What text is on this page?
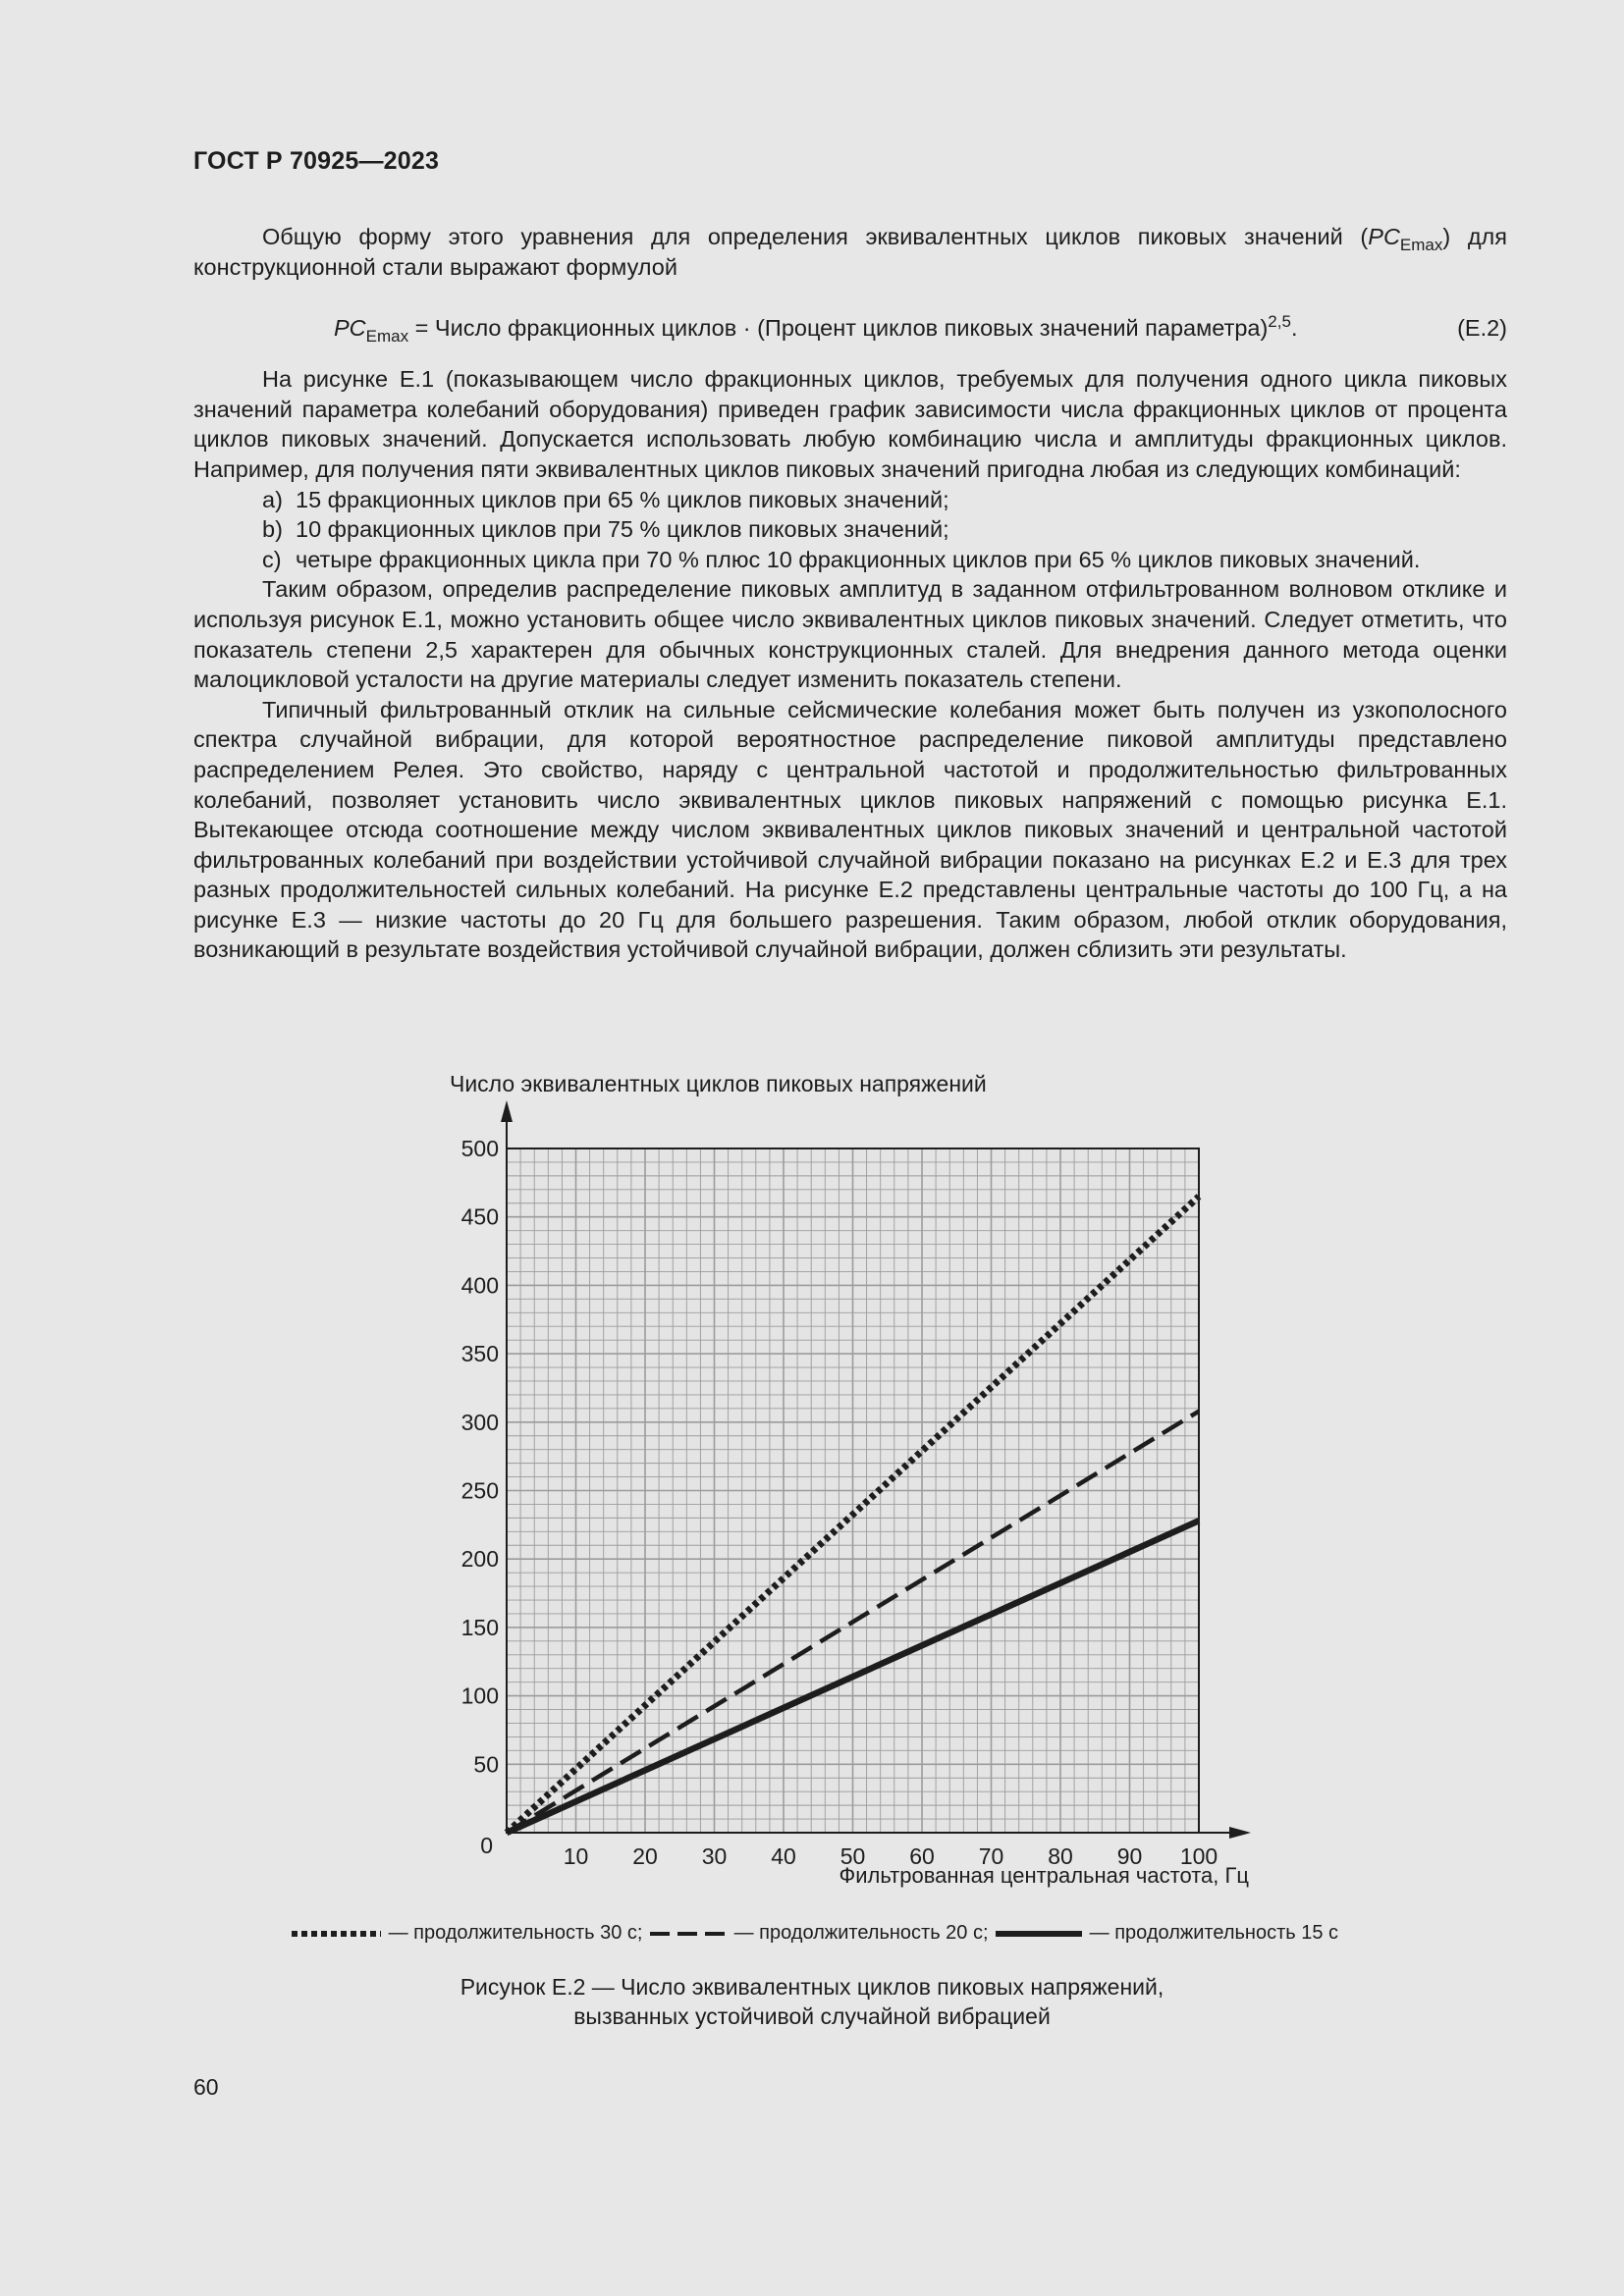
ГОСТ Р 70925—2023

Общую форму этого уравнения для определения эквивалентных циклов пиковых значений $(PC_{Emax})$ для конструкционной стали выражают формулой

$PC_{Emax}$ = Число фракционных циклов · (Процент циклов пиковых значений параметра)$^{2,5}$.	(Е.2)

На рисунке Е.1 (показывающем число фракционных циклов, требуемых для получения одного цикла пиковых значений параметра колебаний оборудования) приведен график зависимости числа фракционных циклов от процента циклов пиковых значений. Допускается использовать любую комбинацию числа и амплитуды фракционных циклов. Например, для получения пяти эквивалентных циклов пиковых значений пригодна любая из следующих комбинаций:

a) 15 фракционных циклов при 65 % циклов пиковых значений;

b) 10 фракционных циклов при 75 % циклов пиковых значений;

c) четыре фракционных цикла при 70 % плюс 10 фракционных циклов при 65 % циклов пиковых значений.

Таким образом, определив распределение пиковых амплитуд в заданном отфильтрованном волновом отклике и используя рисунок Е.1, можно установить общее число эквивалентных циклов пиковых значений. Следует отметить, что показатель степени 2,5 характерен для обычных конструкционных сталей. Для внедрения данного метода оценки малоцикловой усталости на другие материалы следует изменить показатель степени.

Типичный фильтрованный отклик на сильные сейсмические колебания может быть получен из узкополосного спектра случайной вибрации, для которой вероятностное распределение пиковой амплитуды представлено распределением Релея. Это свойство, наряду с центральной частотой и продолжительностью фильтрованных колебаний, позволяет установить число эквивалентных циклов пиковых напряжений с помощью рисунка Е.1. Вытекающее отсюда соотношение между числом эквивалентных циклов пиковых значений и центральной частотой фильтрованных колебаний при воздействии устойчивой случайной вибрации показано на рисунках Е.2 и Е.3 для трех разных продолжительностей сильных колебаний. На рисунке Е.2 представлены центральные частоты до 100 Гц, а на рисунке Е.3 — низкие частоты до 20 Гц для большего разрешения. Таким образом, любой отклик оборудования, возникающий в результате воздействия устойчивой случайной вибрации, должен сблизить эти результаты.

10 20 30 40 50 60 70 80 90 100
50
100
150
200
250
300
350
400
450
500
0
Число эквивалентных циклов пиковых напряжений
Фильтрованная центральная частота, Гц
— продолжительность 30 с;	— продолжительность 20 с;	— продолжительность 15 с
Рисунок Е.2 — Число эквивалентных циклов пиковых напряжений,
вызванных устойчивой случайной вибрацией
60
